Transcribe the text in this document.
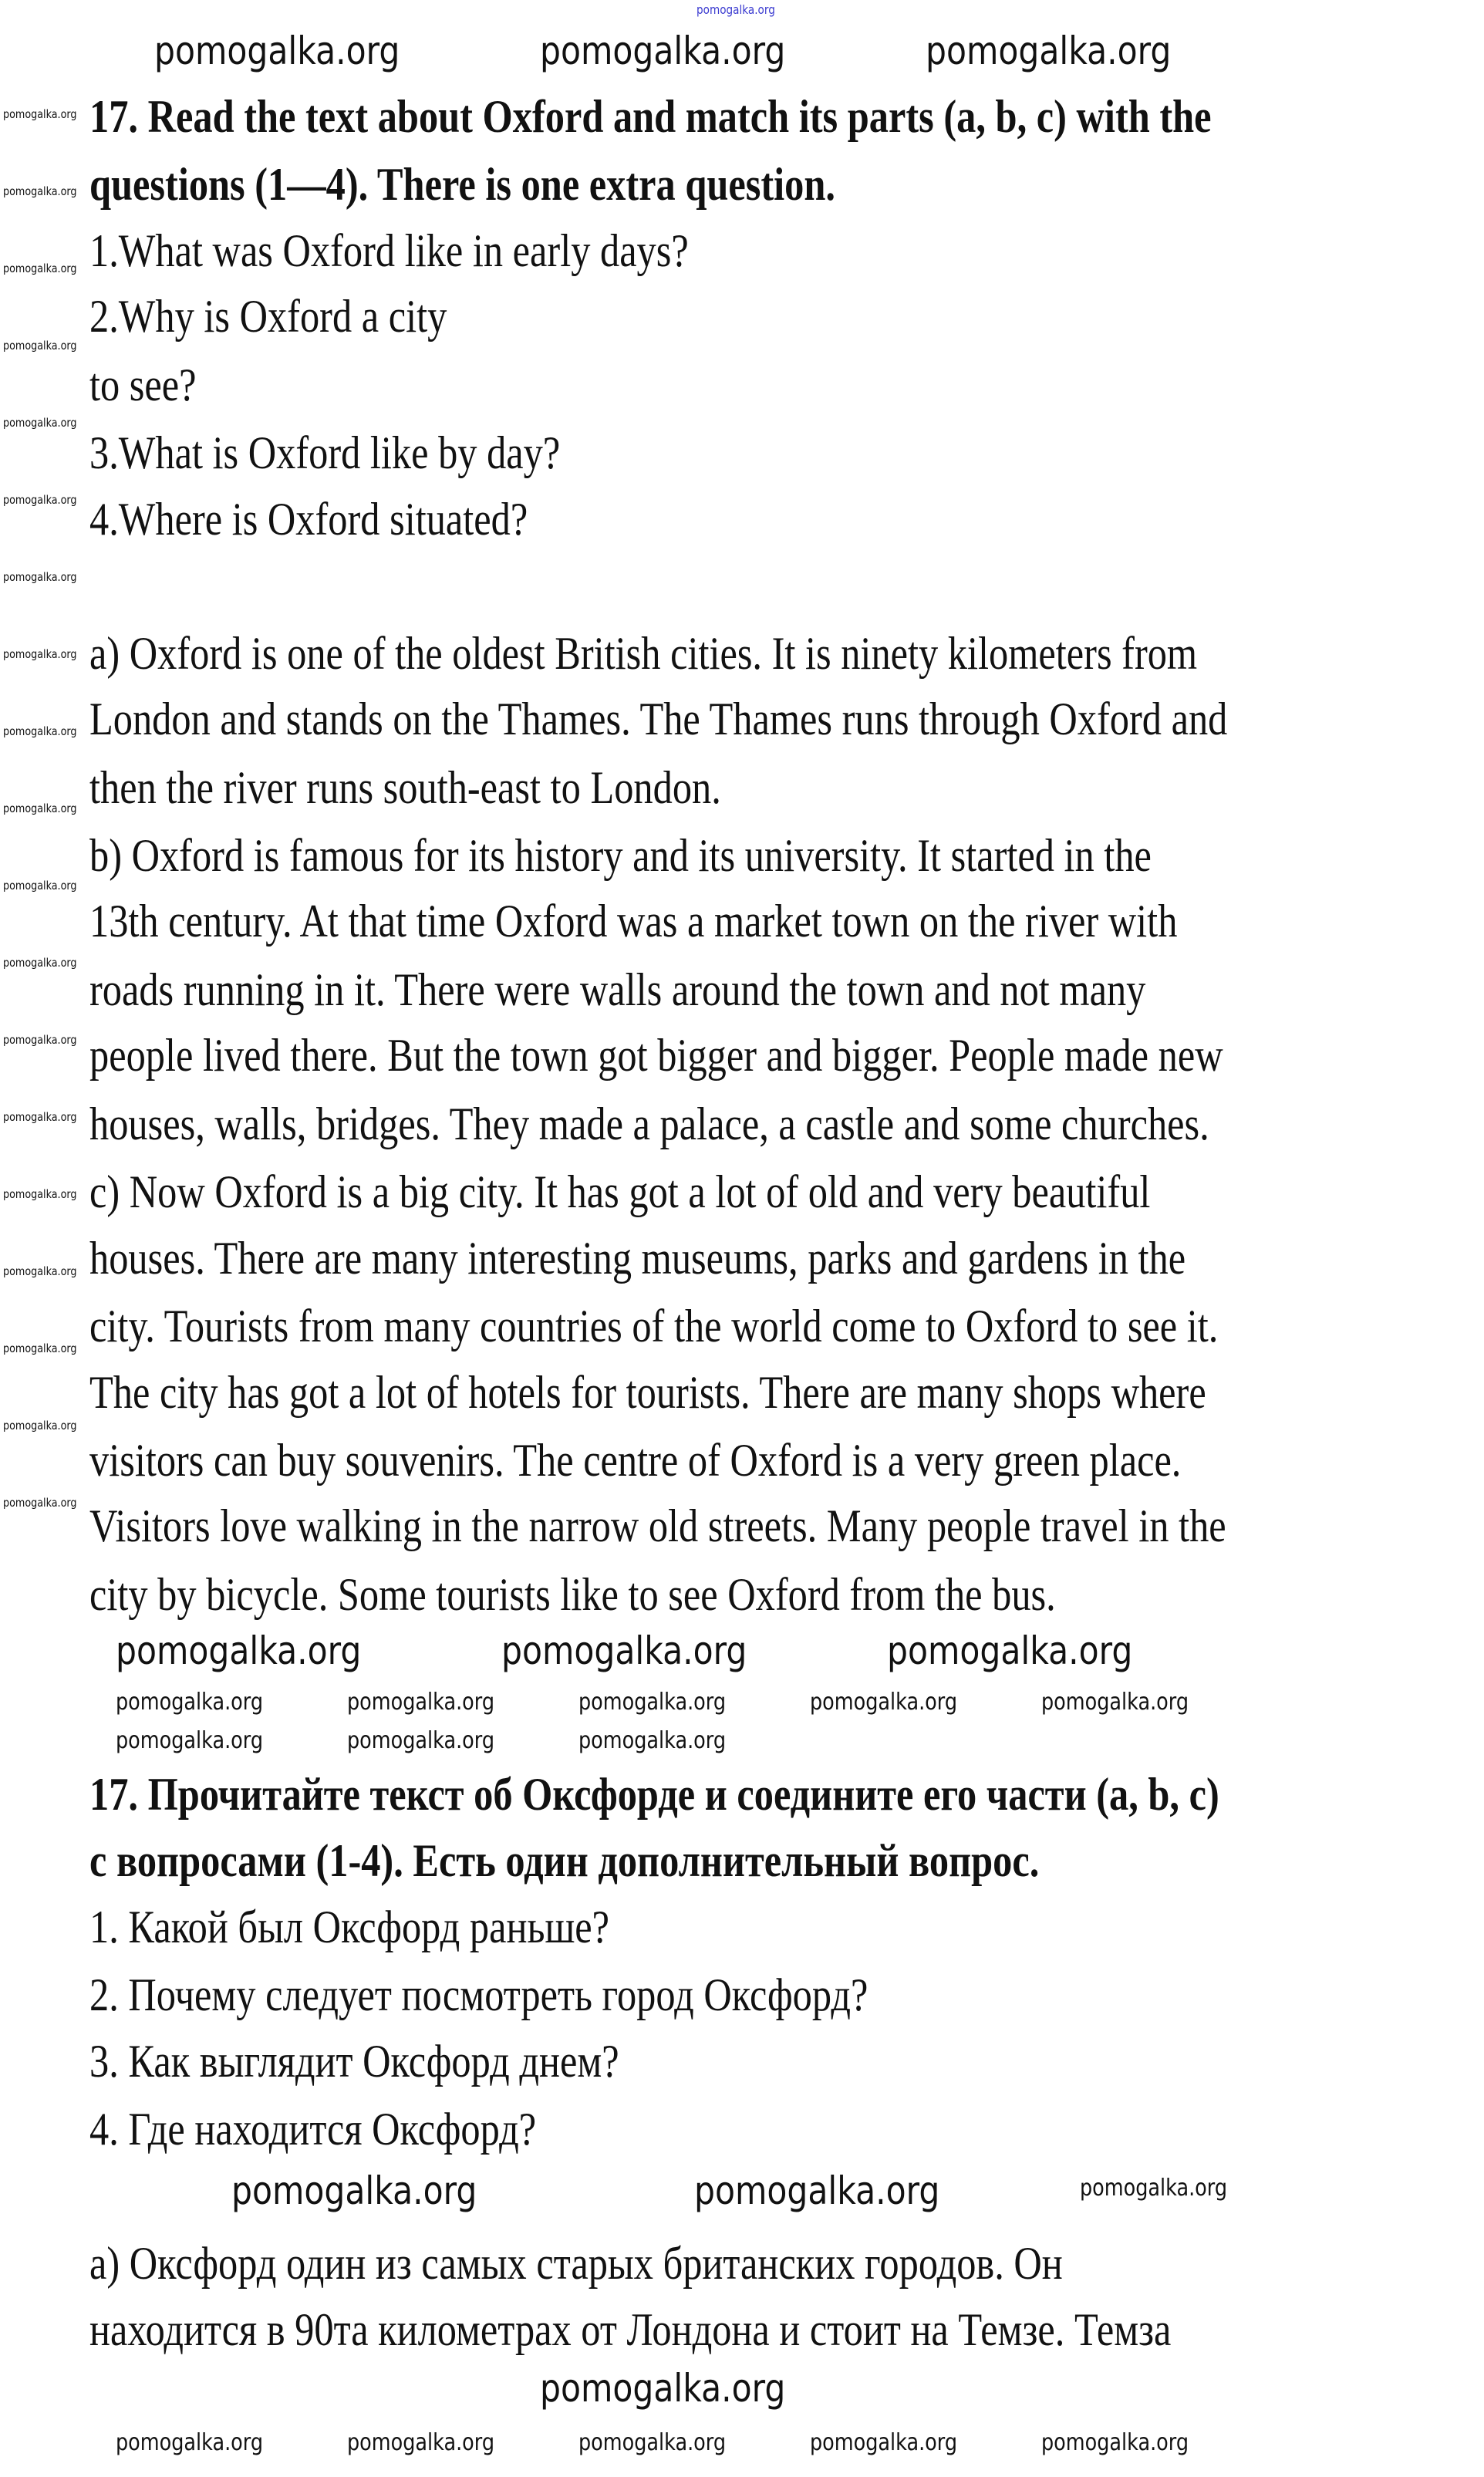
17. Read the text about Oxford and match its parts (a, b, c) with the
questions (1—4). There is one extra question.
1.What was Oxford like in early days?
2.Why is Oxford a city
to see?
3.What is Oxford like by day?
4.Where is Oxford situated?
a) Oxford is one of the oldest British cities. It is ninety kilometers from
London and stands on the Thames. The Thames runs through Oxford and
then the river runs south-east to London.
b) Oxford is famous for its history and its university. It started in the
13th century. At that time Oxford was a market town on the river with
roads running in it. There were walls around the town and not many
people lived there. But the town got bigger and bigger. People made new
houses, walls, bridges. They made a palace, a castle and some churches.
c) Now Oxford is a big city. It has got a lot of old and very beautiful
houses. There are many interesting museums, parks and gardens in the
city. Tourists from many countries of the world come to Oxford to see it.
The city has got a lot of hotels for tourists. There are many shops where
visitors can buy souvenirs. The centre of Oxford is a very green place.
Visitors love walking in the narrow old streets. Many people travel in the
city by bicycle. Some tourists like to see Oxford from the bus.
17. Прочитайте текст об Оксфорде и соедините его части (a, b, c)
с вопросами (1-4). Есть один дополнительный вопрос.
1. Какой был Оксфорд раньше?
2. Почему следует посмотреть город Оксфорд?
3. Как выглядит Оксфорд днем?
4. Где находится Оксфорд?
а) Оксфорд один из самых старых британских городов. Он
находится в 90та километрах от Лондона и стоит на Темзе. Темза
pomogalka.org
pomogalka.org	pomogalka.org	pomogalka.org
pomogalka.org	pomogalka.org	pomogalka.org
pomogalka.org	pomogalka.org
pomogalka.org
pomogalka.org	pomogalka.org	pomogalka.org	pomogalka.org	pomogalka.org
pomogalka.org	pomogalka.org	pomogalka.org
pomogalka.org
pomogalka.org	pomogalka.org	pomogalka.org	pomogalka.org	pomogalka.org
pomogalka.org
pomogalka.org
pomogalka.org
pomogalka.org
pomogalka.org
pomogalka.org
pomogalka.org
pomogalka.org
pomogalka.org
pomogalka.org
pomogalka.org
pomogalka.org
pomogalka.org
pomogalka.org
pomogalka.org
pomogalka.org
pomogalka.org
pomogalka.org
pomogalka.org
